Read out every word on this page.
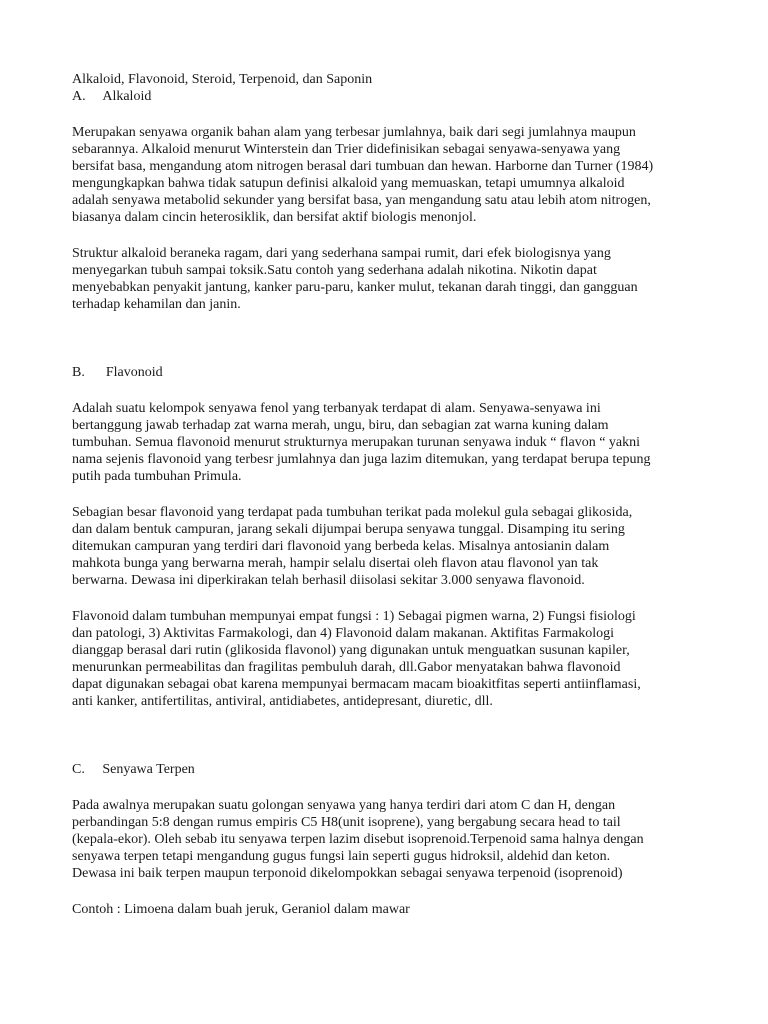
Alkaloid, Flavonoid, Steroid, Terpenoid, dan Saponin
A.     Alkaloid
Merupakan senyawa organik bahan alam yang terbesar jumlahnya, baik dari segi jumlahnya maupun
sebarannya. Alkaloid menurut Winterstein dan Trier didefinisikan sebagai senyawa-senyawa yang
bersifat basa, mengandung atom nitrogen berasal dari tumbuan dan hewan. Harborne dan Turner (1984)
mengungkapkan bahwa tidak satupun definisi alkaloid yang memuaskan, tetapi umumnya alkaloid
adalah senyawa metabolid sekunder yang bersifat basa, yan mengandung satu atau lebih atom nitrogen,
biasanya dalam cincin heterosiklik, dan bersifat aktif biologis menonjol.
Struktur alkaloid beraneka ragam, dari yang sederhana sampai rumit, dari efek biologisnya yang
menyegarkan tubuh sampai toksik.Satu contoh yang sederhana adalah nikotina. Nikotin dapat
menyebabkan penyakit jantung, kanker paru-paru, kanker mulut, tekanan darah tinggi, dan gangguan
terhadap kehamilan dan janin.
B.      Flavonoid
Adalah suatu kelompok senyawa fenol yang terbanyak terdapat di alam. Senyawa-senyawa ini
bertanggung jawab terhadap zat warna merah, ungu, biru, dan sebagian zat warna kuning dalam
tumbuhan. Semua flavonoid menurut strukturnya merupakan turunan senyawa induk “ flavon “ yakni
nama sejenis flavonoid yang terbesr jumlahnya dan juga lazim ditemukan, yang terdapat berupa tepung
putih pada tumbuhan Primula.
Sebagian besar flavonoid yang terdapat pada tumbuhan terikat pada molekul gula sebagai glikosida,
dan dalam bentuk campuran, jarang sekali dijumpai berupa senyawa tunggal. Disamping itu sering
ditemukan campuran yang terdiri dari flavonoid yang berbeda kelas. Misalnya antosianin dalam
mahkota bunga yang berwarna merah, hampir selalu disertai oleh flavon atau flavonol yan tak
berwarna. Dewasa ini diperkirakan telah berhasil diisolasi sekitar 3.000 senyawa flavonoid.
Flavonoid dalam tumbuhan mempunyai empat fungsi : 1) Sebagai pigmen warna, 2) Fungsi fisiologi
dan patologi, 3) Aktivitas Farmakologi, dan 4) Flavonoid dalam makanan. Aktifitas Farmakologi
dianggap berasal dari rutin (glikosida flavonol) yang digunakan untuk menguatkan susunan kapiler,
menurunkan permeabilitas dan fragilitas pembuluh darah, dll.Gabor menyatakan bahwa flavonoid
dapat digunakan sebagai obat karena mempunyai bermacam macam bioakitfitas seperti antiinflamasi,
anti kanker, antifertilitas, antiviral, antidiabetes, antidepresant, diuretic, dll.
C.     Senyawa Terpen
Pada awalnya merupakan suatu golongan senyawa yang hanya terdiri dari atom C dan H, dengan
perbandingan 5:8 dengan rumus empiris C5 H8(unit isoprene), yang bergabung secara head to tail
(kepala-ekor). Oleh sebab itu senyawa terpen lazim disebut isoprenoid.Terpenoid sama halnya dengan
senyawa terpen tetapi mengandung gugus fungsi lain seperti gugus hidroksil, aldehid dan keton.
Dewasa ini baik terpen maupun terponoid dikelompokkan sebagai senyawa terpenoid (isoprenoid)
Contoh : Limoena dalam buah jeruk, Geraniol dalam mawar
